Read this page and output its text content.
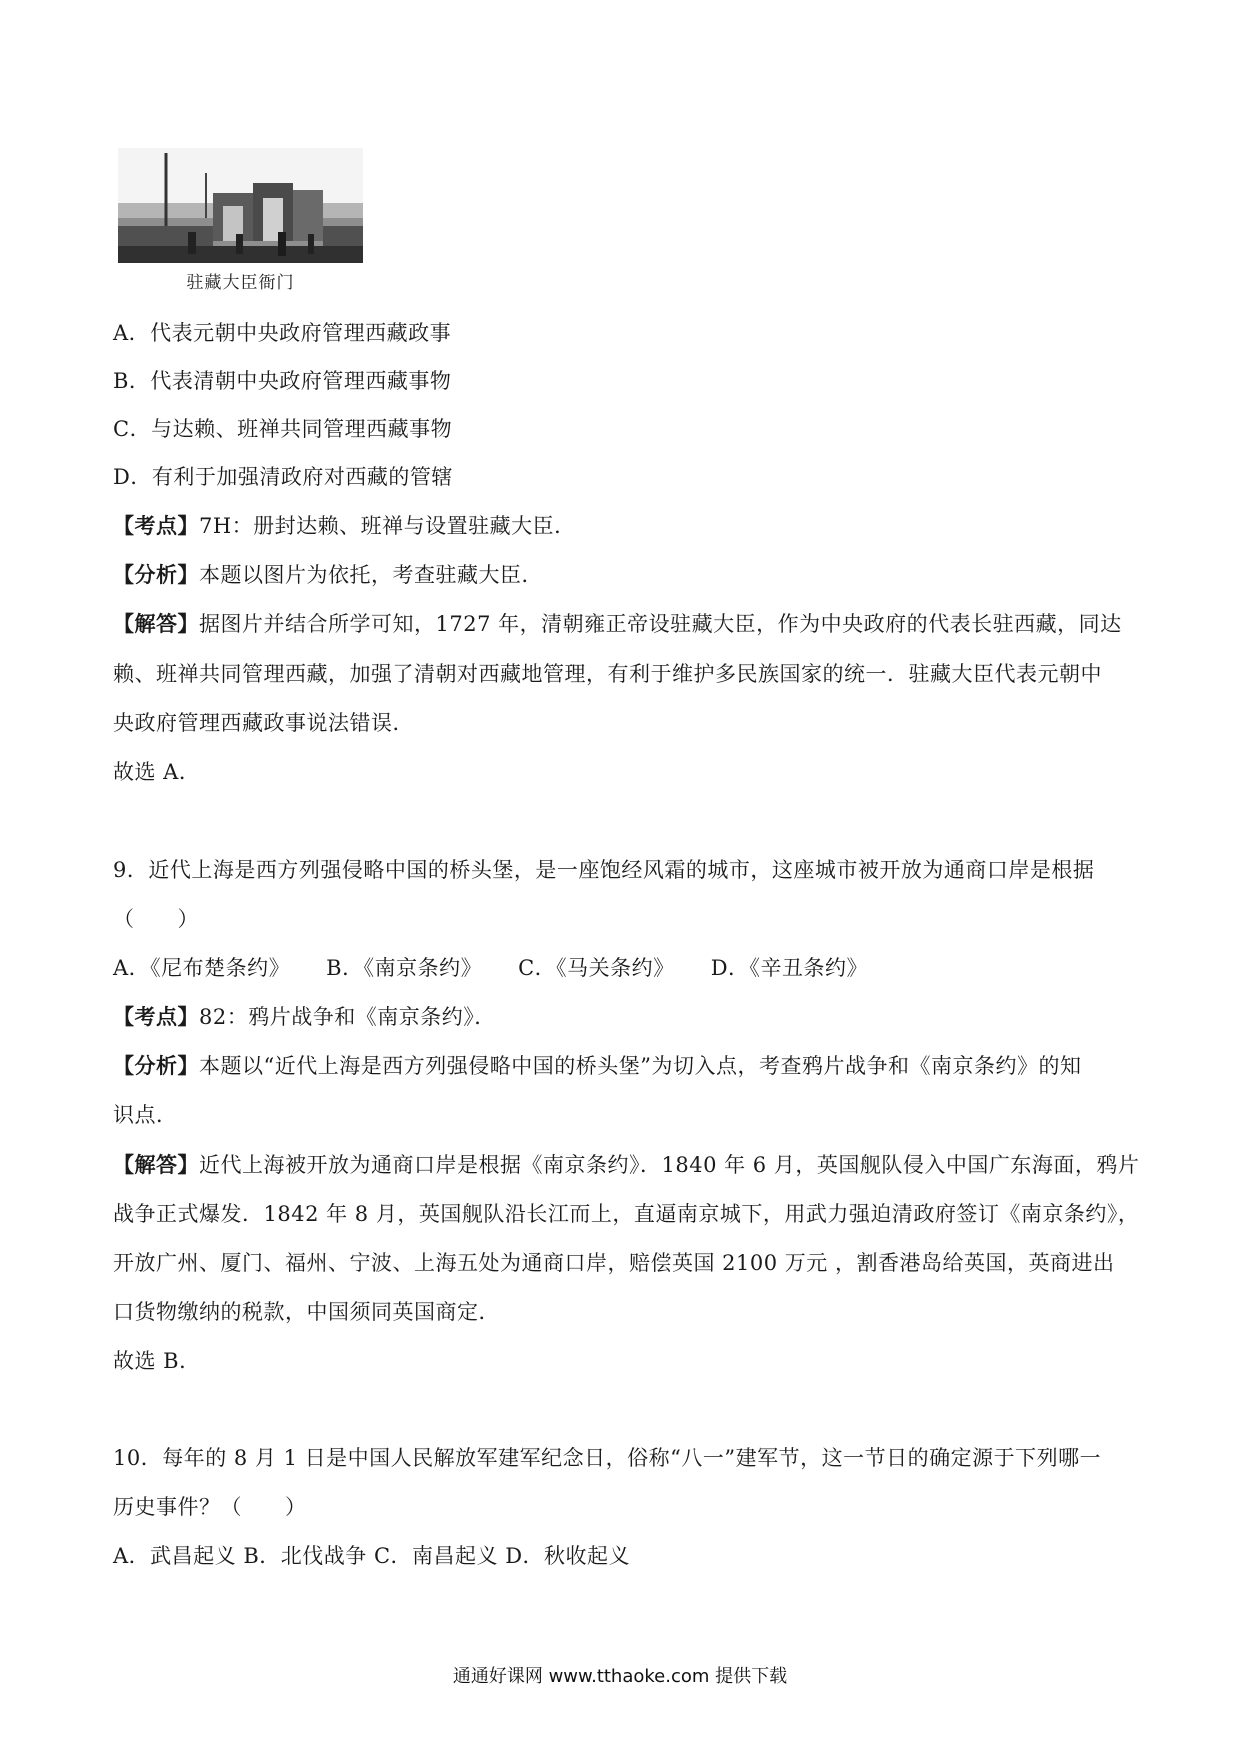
驻藏大臣衙门
A．代表元朝中央政府管理西藏政事
B．代表清朝中央政府管理西藏事物
C．与达赖、班禅共同管理西藏事物
D．有利于加强清政府对西藏的管辖
【考点】7H：册封达赖、班禅与设置驻藏大臣．
【分析】本题以图片为依托，考查驻藏大臣．
【解答】据图片并结合所学可知，1727 年，清朝雍正帝设驻藏大臣，作为中央政府的代表长驻西藏，同达
赖、班禅共同管理西藏，加强了清朝对西藏地管理，有利于维护多民族国家的统一．驻藏大臣代表元朝中
央政府管理西藏政事说法错误．
故选 A．
9．近代上海是西方列强侵略中国的桥头堡，是一座饱经风霜的城市，这座城市被开放为通商口岸是根据
（　　）
A．《尼布楚条约》 B．《南京条约》 C．《马关条约》 D．《辛丑条约》
【考点】82：鸦片战争和《南京条约》．
【分析】本题以“近代上海是西方列强侵略中国的桥头堡”为切入点，考查鸦片战争和《南京条约》的知
识点．
【解答】近代上海被开放为通商口岸是根据《南京条约》．1840 年 6 月，英国舰队侵入中国广东海面，鸦片
战争正式爆发．1842 年 8 月，英国舰队沿长江而上，直逼南京城下，用武力强迫清政府签订《南京条约》，
开放广州、厦门、福州、宁波、上海五处为通商口岸，赔偿英国 2100 万元 ，割香港岛给英国，英商进出
口货物缴纳的税款，中国须同英国商定．
故选 B．
10．每年的 8 月 1 日是中国人民解放军建军纪念日，俗称“八一”建军节，这一节日的确定源于下列哪一
历史事件？（　　）
A．武昌起义 B．北伐战争 C．南昌起义 D．秋收起义
通通好课网 www.tthaoke.com 提供下载
